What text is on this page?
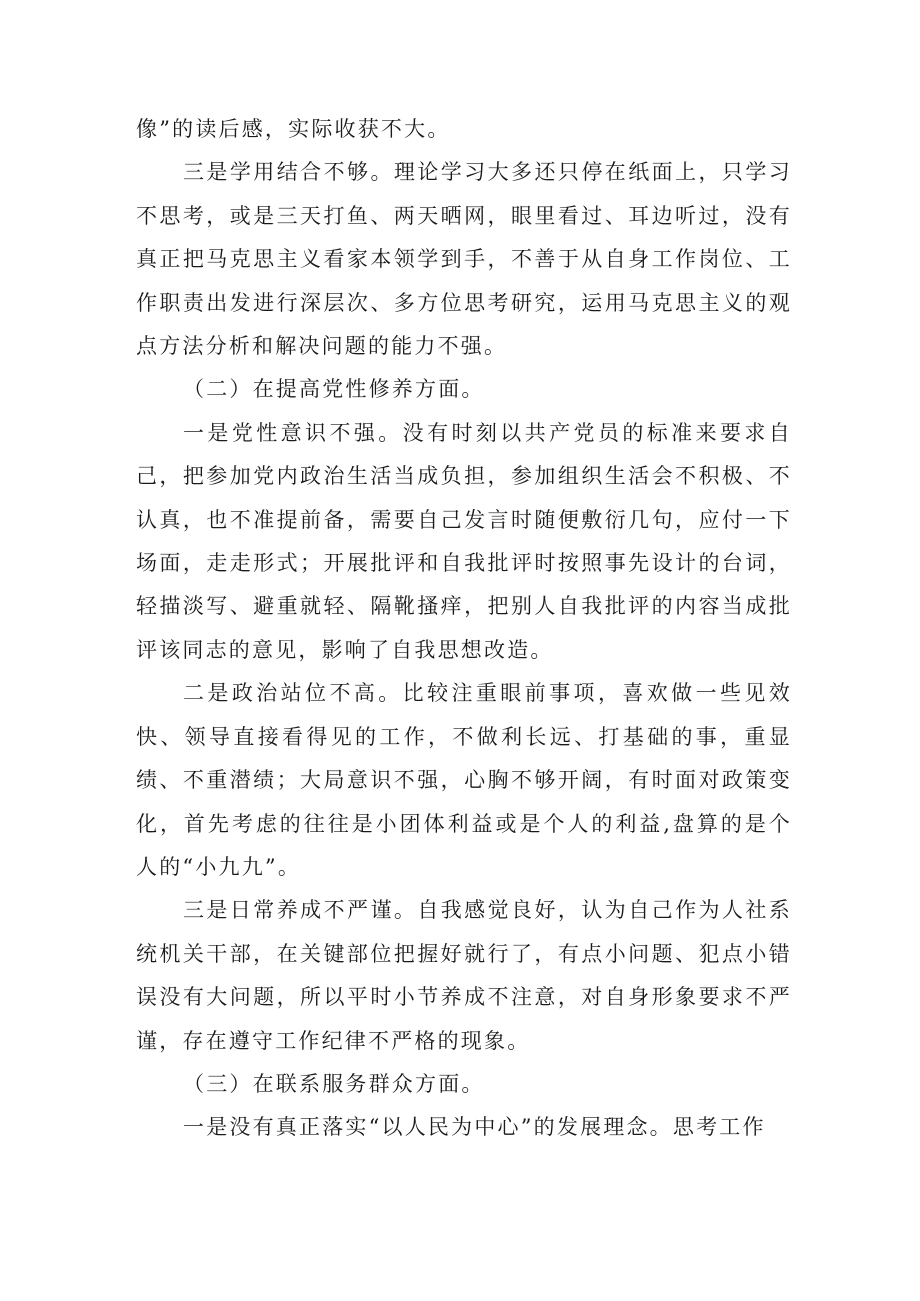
像”的读后感，实际收获不大。

三是学用结合不够。理论学习大多还只停在纸面上，只学习不思考，或是三天打鱼、两天晒网，眼里看过、耳边听过，没有真正把马克思主义看家本领学到手，不善于从自身工作岗位、工作职责出发进行深层次、多方位思考研究，运用马克思主义的观点方法分析和解决问题的能力不强。

（二）在提高党性修养方面。

一是党性意识不强。没有时刻以共产党员的标准来要求自己，把参加党内政治生活当成负担，参加组织生活会不积极、不认真，也不准提前备，需要自己发言时随便敷衍几句，应付一下场面，走走形式；开展批评和自我批评时按照事先设计的台词，轻描淡写、避重就轻、隔靴搔痒，把别人自我批评的内容当成批评该同志的意见，影响了自我思想改造。

二是政治站位不高。比较注重眼前事项，喜欢做一些见效快、领导直接看得见的工作，不做利长远、打基础的事，重显绩、不重潜绩；大局意识不强，心胸不够开阔，有时面对政策变化，首先考虑的往往是小团体利益或是个人的利益,盘算的是个人的“小九九”。

三是日常养成不严谨。自我感觉良好，认为自己作为人社系统机关干部，在关键部位把握好就行了，有点小问题、犯点小错误没有大问题，所以平时小节养成不注意，对自身形象要求不严谨，存在遵守工作纪律不严格的现象。

（三）在联系服务群众方面。

一是没有真正落实“以人民为中心”的发展理念。思考工作
